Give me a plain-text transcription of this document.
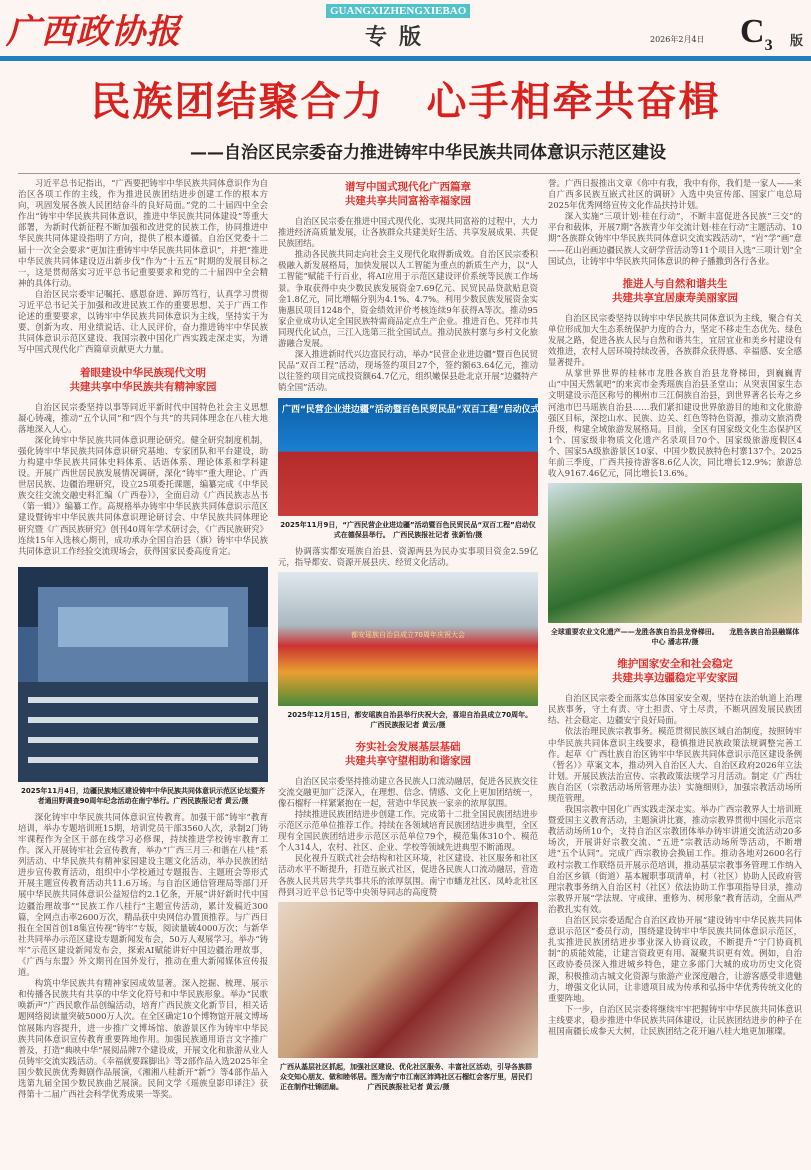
广西政协报
GUANGXIZHENGXIEBAO
专版	2026年2月4日 $C_3$ 版
民族团结聚合力　心手相牵共奋楫
——自治区民宗委奋力推进铸牢中华民族共同体意识示范区建设

习近平总书记指出，“广西要把铸牢中华民族共同体意识作为自治区各项工作的主线，作为推进民族团结进步创建工作的根本方向，巩固发展各族人民团结奋斗的良好局面。”党的二十届四中全会作出“铸牢中华民族共同体意识，推进中华民族共同体建设”等重大部署，为新时代新征程不断加强和改进党的民族工作，协同推进中华民族共同体建设指明了方向，提供了根本遵循。自治区党委十二届十一次全会要求“更加注重铸牢中华民族共同体意识”，并把“推进中华民族共同体建设迈出新步伐”作为“十五五”时期的发展目标之一，这是贯彻落实习近平总书记重要要求和党的二十届四中全会精神的具体行动。

自治区民宗委牢记嘱托、感恩奋进、踔厉笃行，认真学习贯彻习近平总书记关于加强和改进民族工作的重要思想、关于广西工作论述的重要要求，以铸牢中华民族共同体意识为主线，坚持实干为要、创新为攻、用业绩说话、让人民评价，奋力推进铸牢中华民族共同体意识示范区建设、我国宗教中国化广西实践走深走实，为谱写中国式现代化广西篇章贡献更大力量。

着眼建设中华民族现代文明
共建共享中华民族共有精神家园

自治区民宗委坚持以事等同近平新时代中国特色社会主义思想凝心铸魂，推动“五个认同”和“四个与共”的共同体理念在八桂大地落地深入人心。

深化铸牢中华民族共同体意识理论研究。健全研究制度机制，强化铸牢中华民族共同体意识研究基地、专家团队和平台建设，助力构建中华民族共同体史料体系、话语体系、理论体系和学科建设。开展广西世居民族发展情况调研，深化“铸牢”重大理论、广西世居民族、边疆治理研究，设立25项委托课题，编纂完成《中华民族交往交流交融史料汇编（广西卷）》，全面启动《广西民族志丛书（第一辑）》编纂工作。高规格举办铸牢中华民族共同体意识示范区建设暨铸牢中华民族共同体意识理论研讨会、中华民族共同体理论研究暨《广西民族研究》创刊40周年学术研讨会，《广西民族研究》连续15年入选核心期刊，成功承办全国自治县（旗）铸牢中华民族共同体意识工作经验交流现场会，获得国家民委高度肯定。

2025年11月4日，边疆民族地区建设铸牢中华民族共同体意识示范区论坛暨齐者通田野调查90周年纪念活动在南宁举行。广西民族报记者 黄云/摄

深化铸牢中华民族共同体意识宣传教育。加强干部“铸牢”教育培训，举办专题培训班15期，培训党员干部3560人次，录制2门铸牢课程作为全区干部在线学习必修课，持续推进学校铸牢教育工作。深入开展铸牢社会宣传教育，举办“广西三月三·和谐在八桂”系列活动、中华民族共有精神家园建设主题文化活动，举办民族团结进步宣传教育活动，组织中小学校通过专题报告、主题班会等形式开展主题宣传教育活动共11.6万场。与自治区通信管理局等部门开展中华民族共同体意识公益短信约2.1亿条，开展“讲好新时代中国边疆治理故事”“民族工作八桂行”主题宣传活动，累计发稿近300篇，全网点击率2600万次，精品获中央网信办置顶推荐。与广西日报在全国首创18集宣传视“铸牢”专版，阅读量破4000万次；与新华社共同举办示范区建设专题新闻发布会，50万人观展学习。举办“铸牢”示范区建设新闻发布会，探索AI赋能讲好中国边疆治理故事，《广西与东盟》外文期刊在国外发行，推动在重大新闻媒体宣传报道。

构筑中华民族共有精神家园成效显著。深入挖掘、梳理、展示和传播各民族共有共享的中华文化符号和中华民族形象。举办“民歌唤新声”广西民歌作品创编活动，培育广西民族文化新节目，相关话题网络阅读量突破5000万人次。在全区确定10个博物馆开展文博场馆展陈内容提升，进一步推广文博场馆、旅游景区作为铸牢中华民族共同体意识宣传教育重要阵地作用。加强民族通用语言文字推广普及，打造“典映中华”展阅品牌7个建设成，开展文化和旅游从业人员铸牢交流实践活动。《幸福就要踩脚出》等2部作品入选2025年全国少数民族优秀舞剧作品展演，《湘湘八桂新开“新”》等4部作品入选第九届全国少数民族曲艺展演。民间文学《瑶族皇影印译注》获得第十二届广西社会科学优秀成果一等奖。

谱写中国式现代化广西篇章
共建共享共同富裕幸福家园

自治区民宗委在推进中国式现代化、实现共同富裕的过程中，大力推进经济高质量发展，让各族群众共建美好生活、共享发展成果、共促民族团结。

推动各民族共同走向社会主义现代化取得新成效。自治区民宗委积极融入新发展格局，加快发展以人工智能为重点的新质生产力，以“人工智能”赋能千行百业，将AI应用于示范区建设评价系统等民族工作场景。争取获得中央少数民族发展资金7.69亿元、民贸民品贷款贴息资金1.8亿元，同比增幅分别为4.1%、4.7%。利用少数民族发展资金实施惠民项目1248个，资金绩效评价考核连续9年获得A等次。推动95家企业成功认定全国民族特需商品定点生产企业。推进百色、凭祥市共同现代化试点，三江入选第三批全国试点。推动民族村寨与乡村文化旅游融合发展。

深入推进新时代兴边富民行动，举办“民营企业进边疆”暨百色民贸民品“双百工程”活动，现场签约项目27个，签约额63.64亿元，推动以往签约项目完成投资额64.7亿元，组织嫩保县赴北京开展“边疆特产销全国”活动。

广西“民营企业进边疆”活动暨百色民贸民品“双百工程”启动仪式
2025年11月9日，“广西民营企业进边疆”活动暨百色民贸民品“双百工程”启动仪式在德保县举行。　广西民族报社记者 张新怡/摄

协调落实都安瑶族自治县、资源两县为民办实事项目资金2.59亿元，指导都安、资源开展县庆、经贸文化活动。

都安瑶族自治县成立70周年庆祝大会
2025年12月15日，都安瑶族自治县举行庆祝大会，喜迎自治县成立70周年。　　广西民族报记者 黄云/摄
夯实社会发展基层基础
共建共享守望相助和谐家园

自治区民宗委坚持推动建立各民族人口流动融居，促进各民族交往交流交融更加广泛深入，在理想、信念、情感、文化上更加团结统一，像石榴籽一样紧紧抱在一起，营造中华民族一家亲的浓厚氛围。

持续推进民族团结进步创建工作。完成第十二批全国民族团结进步示范区示范单位推荐工作。持续在各领域培育民族团结进步典型，全区现有全国民族团结进步示范区示范单位79个，模范集体310个、模范个人314人，农村、社区、企业、学校等领域先进典型不断涌现。

民化视升互联式社会结构和社区环境，社区建设、社区服务和社区活动水平不断提升，打造互嵌式社区，促进各民族人口流动融居，营造各族人民共居共学共事共乐的浓厚氛围。南宁市蟠龙社区、凤岭北社区得到习近平总书记等中央领导同志的高度赞

广西从基层社区抓起，加强社区建设、优化社区服务、丰富社区活动，引导各族群众交知心朋友、做和睦邻居。图为南宁市江南区沛鸿社区石榴红会客厅里，居民们正在制作壮锦团扇。　　　　广西民族报社记者 黄云/摄

誉。广西日报推出文章《你中有我，我中有你，我们是一家人——来自广西多民族互嵌式社区的调研》入选中央宣传部、国家广电总局2025年优秀网络宣传文化作品扶持计划。

深入实施“三项计划·桂在行动”，不断丰富促进各民族“三交”的平台和载体，开展7期“各族青少年交流计划·桂在行动”主题活动、10期“各族群众铸牢中华民族共同体意识交流实践活动”，“岩”学“画”意——花山岩画边疆民族人文研学营活动等11个项目入选“三项计划”全国试点，让铸牢中华民族共同体意识的种子播撒到各行各业。

推进人与自然和谐共生
共建共享宜居康寿美丽家园

自治区民宗委坚持以铸牢中华民族共同体意识为主线，聚合有关单位形成加大生态系统保护力度的合力，坚定不移走生态优先、绿色发展之路，促进各族人民与自然和谐共生，宜居宜业和美乡村建设有效推进，农村人居环境持续改善，各族群众获得感、幸福感、安全感显著提升。

从掌世界世界的桂林市龙胜各族自治县龙脊梯田，到巍巍青山“中国天然氧吧”的来宾市金秀瑶族自治县圣堂山；从突衷国家生态文明建设示范区称号的柳州市三江侗族自治县，到世界著名长寿之乡河池市巴马瑶族自治县……我们紧扣建设世界旅游目的地和文化旅游强区目标，深挖山水、民族、边关、红色等特色资源，推动文旅消费升级，构建全域旅游发展格局。目前，全区有国家级文化生态保护区1个、国家级非物质文化遗产名录项目70个、国家级旅游度假区4个、国家5A级旅游景区10家、中国少数民族特色村寨137个。2025年前三季度，广西共接待游客8.6亿人次，同比增长12.9%；旅游总收入9167.46亿元，同比增长13.6%。

全球重要农业文化遗产——龙胜各族自治县龙脊梯田。　　龙胜各族自治县融媒体中心 潘志祥/摄
维护国家安全和社会稳定
共建共享边疆稳定平安家园

自治区民宗委全面落实总体国家安全观，坚持在法治轨道上治理民族事务，守土有责、守土担责、守土尽责，不断巩固发展民族团结、社会稳定、边疆安宁良好局面。

依法治理民族宗教事务。模范贯彻民族区域自治制度，按照铸牢中华民族共同体意识主线要求，稳慎推进民族政策法规调整完善工作。起草《广西壮族自治区铸牢中华民族共同体意识示范区建设条例（暂名）》草案文本，推动列入自治区人大、自治区政府2026年立法计划。开展民族法治宣传、宗教政策法规学习月活动。制定《广西壮族自治区（宗教活动场所管理办法）实施细则》，加强宗教活动场所规范管理。

我国宗教中国化广西实践走深走实。举办广西宗教界人士培训班暨爱国主义教育活动，主题演讲比赛，推动宗教界贯彻中国化示范宗教活动场所10个，支持自治区宗教团体举办铸牢讲道交流活动20多场次，开展讲好宗教交流、“五进”宗教活动场所等活动，不断增进“五个认同”。完成广西宗教协会换届工作。推动各地对2600名行政村宗教工作联络员开展示范培训，推动基层宗教事务管理工作纳入自治区乡镇（街道）基本履职事项清单，村（社区）协助人民政府管理宗教事务纳入自治区村（社区）依法协助工作事项指导目录，推动宗教界开展“学法规、守戒律、重修为、树形象”教育活动，全面从严治教扎实有效。

自治区民宗委适配合自治区政协开展“建设铸牢中华民族共同体意识示范区”委员行动，围绕建设铸牢中华民族共同体意识示范区，扎实推进民族团结进步事业深入协商议政，不断提升“宁门协商机制”的质能效能，让建言资政更有用、凝聚共识更有效。例如，自治区政协委员深入推进城乡特色，建立多部门大城的成功历史文化资源，积极推动古城文化资源与旅游产业深度融合，让游客感受非遗魅力，增强文化认同，让非遗项目成为传承和弘扬中华优秀传统文化的重要阵地。

下一步，自治区民宗委将继续牢牢把握铸牢中华民族共同体意识主线要求，稳步推进中华民族共同体建设，让民族团结进步的种子在祖国南疆长成参天大树，让民族团结之花开遍八桂大地更加璀璨。
